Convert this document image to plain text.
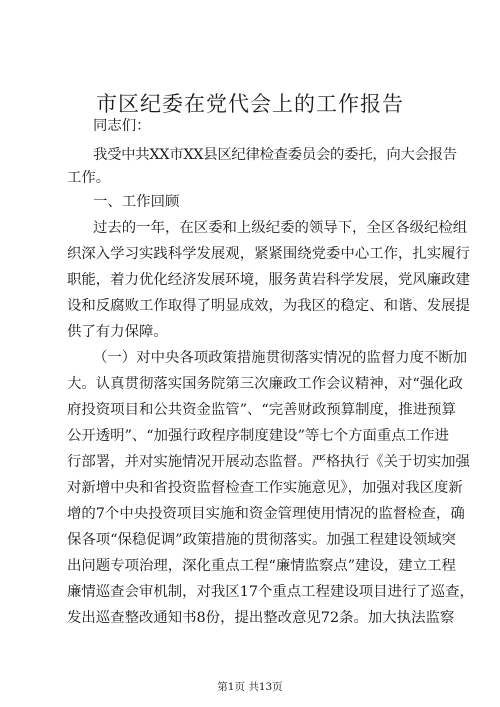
市区纪委在党代会上的工作报告
同志们：
我受中共XX市XX县区纪律检查委员会的委托，向大会报告
工作。
一、工作回顾
过去的一年，在区委和上级纪委的领导下，全区各级纪检组
织深入学习实践科学发展观，紧紧围绕党委中心工作，扎实履行
职能，着力优化经济发展环境，服务黄岩科学发展，党风廉政建
设和反腐败工作取得了明显成效，为我区的稳定、和谐、发展提
供了有力保障。
（一）对中央各项政策措施贯彻落实情况的监督力度不断加
大。认真贯彻落实国务院第三次廉政工作会议精神，对“强化政
府投资项目和公共资金监管”、“完善财政预算制度，推进预算
公开透明”、“加强行政程序制度建设”等七个方面重点工作进
行部署，并对实施情况开展动态监督。严格执行《关于切实加强
对新增中央和省投资监督检查工作实施意见》，加强对我区度新
增的7个中央投资项目实施和资金管理使用情况的监督检查，确
保各项“保稳促调”政策措施的贯彻落实。加强工程建设领域突
出问题专项治理，深化重点工程“廉情监察点”建设，建立工程
廉情巡查会审机制，对我区17个重点工程建设项目进行了巡查，
发出巡查整改通知书8份，提出整改意见72条。加大执法监察
第1页 共13页
